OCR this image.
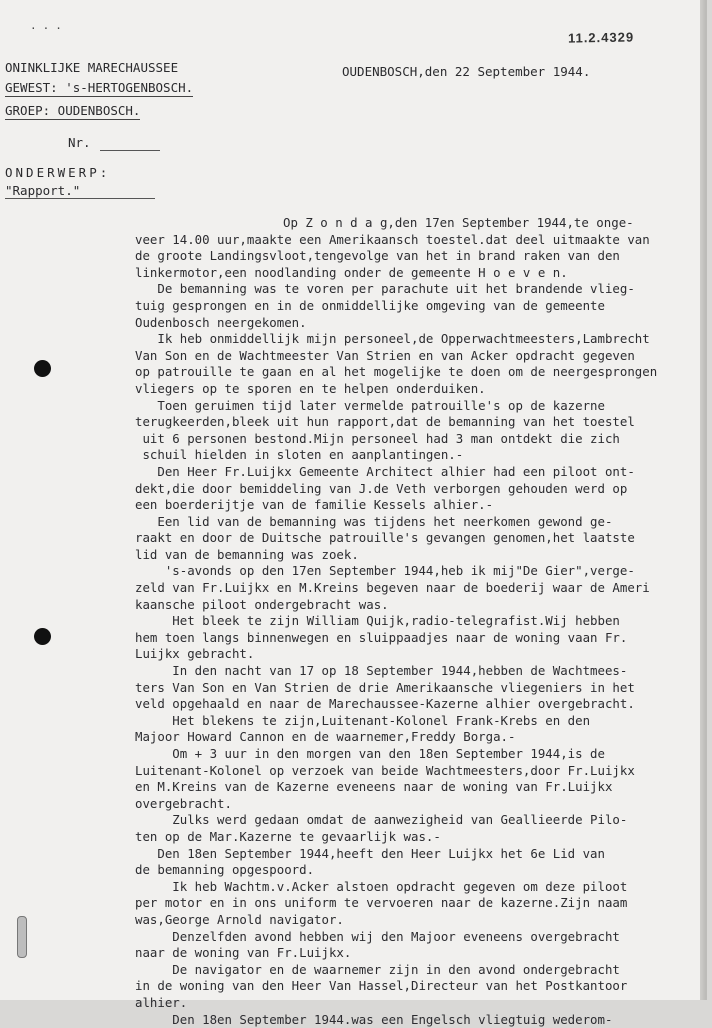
···
11.2.4329
ONINKLIJKE MARECHAUSSEE
GEWEST: 's-HERTOGENBOSCH.
GROEP: OUDENBOSCH.
OUDENBOSCH,den 22 September 1944.
Nr.
ONDERWERP:
"Rapport."
Op Z o n d a g,den 17en September 1944,te onge-
veer 14.00 uur,maakte een Amerikaansch toestel.dat deel uitmaakte van
de groote Landingsvloot,tengevolge van het in brand raken van den
linkermotor,een noodlanding onder de gemeente H o e v e n.
De bemanning was te voren per parachute uit het brandende vlieg-
tuig gesprongen en in de onmiddellijke omgeving van de gemeente
Oudenbosch neergekomen.
Ik heb onmiddellijk mijn personeel,de Opperwachtmeesters,Lambrecht
Van Son en de Wachtmeester Van Strien en van Acker opdracht gegeven
op patrouille te gaan en al het mogelijke te doen om de neergesprongen
vliegers op te sporen en te helpen onderduiken.
Toen geruimen tijd later vermelde patrouille's op de kazerne
terugkeerden,bleek uit hun rapport,dat de bemanning van het toestel
uit 6 personen bestond.Mijn personeel had 3 man ontdekt die zich
schuil hielden in sloten en aanplantingen.-
Den Heer Fr.Luijkx Gemeente Architect alhier had een piloot ont-
dekt,die door bemiddeling van J.de Veth verborgen gehouden werd op
een boerderijtje van de familie Kessels alhier.-
Een lid van de bemanning was tijdens het neerkomen gewond ge-
raakt en door de Duitsche patrouille's gevangen genomen,het laatste
lid van de bemanning was zoek.
's-avonds op den 17en September 1944,heb ik mij"De Gier",verge-
zeld van Fr.Luijkx en M.Kreins begeven naar de boederij waar de Ameri
kaansche piloot ondergebracht was.
Het bleek te zijn William Quijk,radio-telegrafist.Wij hebben
hem toen langs binnenwegen en sluippaadjes naar de woning vaan Fr.
Luijkx gebracht.
In den nacht van 17 op 18 September 1944,hebben de Wachtmees-
ters Van Son en Van Strien de drie Amerikaansche vliegeniers in het
veld opgehaald en naar de Marechaussee-Kazerne alhier overgebracht.
Het blekens te zijn,Luitenant-Kolonel Frank-Krebs en den
Majoor Howard Cannon en de waarnemer,Freddy Borga.-
Om + 3 uur in den morgen van den 18en September 1944,is de
Luitenant-Kolonel op verzoek van beide Wachtmeesters,door Fr.Luijkx
en M.Kreins van de Kazerne eveneens naar de woning van Fr.Luijkx
overgebracht.
Zulks werd gedaan omdat de aanwezigheid van Geallieerde Pilo-
ten op de Mar.Kazerne te gevaarlijk was.-
Den 18en September 1944,heeft den Heer Luijkx het 6e Lid van
de bemanning opgespoord.
Ik heb Wachtm.v.Acker alstoen opdracht gegeven om deze piloot
per motor en in ons uniform te vervoeren naar de kazerne.Zijn naam
was,George Arnold navigator.
Denzelfden avond hebben wij den Majoor eveneens overgebracht
naar de woning van Fr.Luijkx.
De navigator en de waarnemer zijn in den avond ondergebracht
in de woning van den Heer Van Hassel,Directeur van het Postkantoor
alhier.
Den 18en September 1944.was een Engelsch vliegtuig wederom-
